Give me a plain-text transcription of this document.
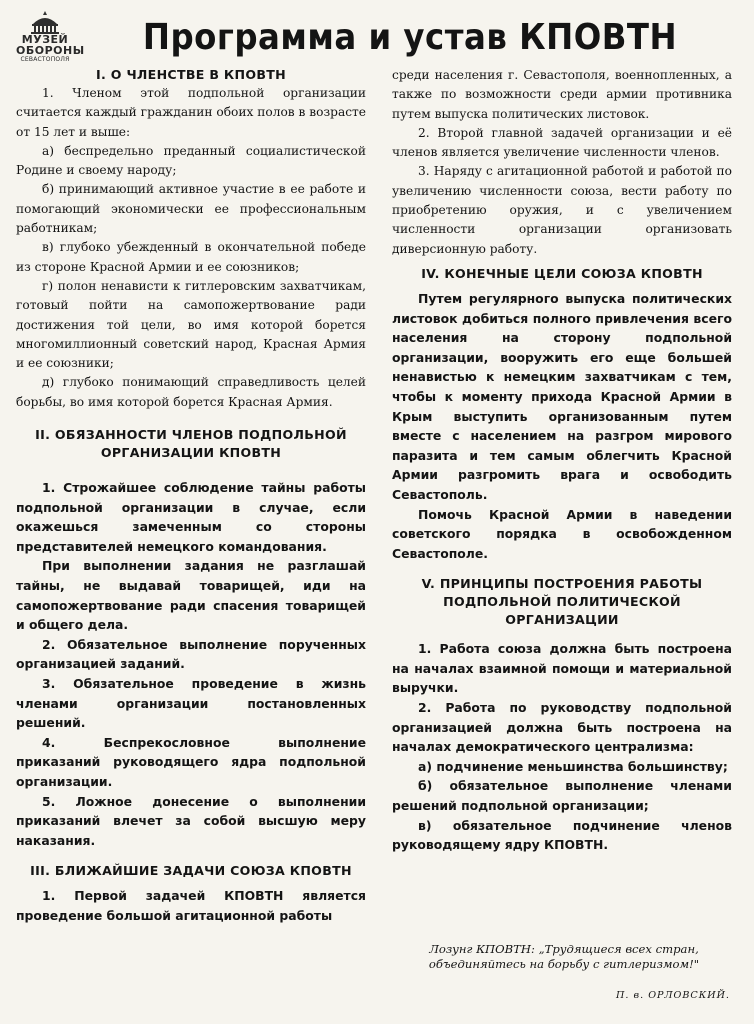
МУЗЕЙ
ОБОРОНЫ
СЕВАСТОПОЛЯ
Программа и устав КПОВТН
I. О ЧЛЕНСТВЕ В КПОВТН

1. Членом этой подпольной организации считается каждый гражданин обоих полов в возрасте от 15 лет и выше:

а) беспредельно преданный социалистической Родине и своему народу;

б) принимающий активное участие в ее работе и помогающий экономически ее профессиональным работникам;

в) глубоко убежденный в окончательной победе из стороне Красной Армии и ее союзников;

г) полон ненависти к гитлеровским захватчикам, готовый пойти на самопожертвование ради достижения той цели, во имя которой борется многомиллионный советский народ, Красная Армия и ее союзники;

д) глубоко понимающий справедливость целей борьбы, во имя которой борется Красная Армия.

II. ОБЯЗАННОСТИ ЧЛЕНОВ ПОДПОЛЬНОЙ ОРГАНИЗАЦИИ КПОВТН

1. Строжайшее соблюдение тайны работы подпольной организации в случае, если окажешься замеченным со стороны представителей немецкого командования.

При выполнении задания не разглашай тайны, не выдавай товарищей, иди на самопожертвование ради спасения товарищей и общего дела.

2. Обязательное выполнение порученных организацией заданий.

3. Обязательное проведение в жизнь членами организации постановленных решений.

4. Беспрекословное выполнение приказаний руководящего ядра подпольной организации.

5. Ложное донесение о выполнении приказаний влечет за собой высшую меру наказания.

III. БЛИЖАЙШИЕ ЗАДАЧИ СОЮЗА КПОВТН

1. Первой задачей КПОВТН является проведение большой агитационной работы

среди населения г. Севастополя, военнопленных, а также по возможности среди армии противника путем выпуска политических листовок.

2. Второй главной задачей организации и её членов является увеличение численности членов.

3. Наряду с агитационной работой и работой по увеличению численности союза, вести работу по приобретению оружия, и с увеличением численности организации организовать диверсионную работу.

IV. КОНЕЧНЫЕ ЦЕЛИ СОЮЗА КПОВТН

Путем регулярного выпуска политических листовок добиться полного привлечения всего населения на сторону подпольной организации, вооружить его еще большей ненавистью к немецким захватчикам с тем, чтобы к моменту прихода Красной Армии в Крым выступить организованным путем вместе с населением на разгром мирового паразита и тем самым облегчить Красной Армии разгромить врага и освободить Севастополь.

Помочь Красной Армии в наведении советского порядка в освобожденном Севастополе.

V. ПРИНЦИПЫ ПОСТРОЕНИЯ РАБОТЫ ПОДПОЛЬНОЙ ПОЛИТИЧЕСКОЙ ОРГАНИЗАЦИИ

1. Работа союза должна быть построена на началах взаимной помощи и материальной выручки.

2. Работа по руководству подпольной организацией должна быть построена на началах демократического централизма:

а) подчинение меньшинства большинству;

б) обязательное выполнение членами решений подпольной организации;

в) обязательное подчинение членов руководящему ядру КПОВТН.

Лозунг КПОВТН: „Трудящиеся всех стран, объединяйтесь на борьбу с гитлеризмом!"
П. в. ОРЛОВСКИЙ.
